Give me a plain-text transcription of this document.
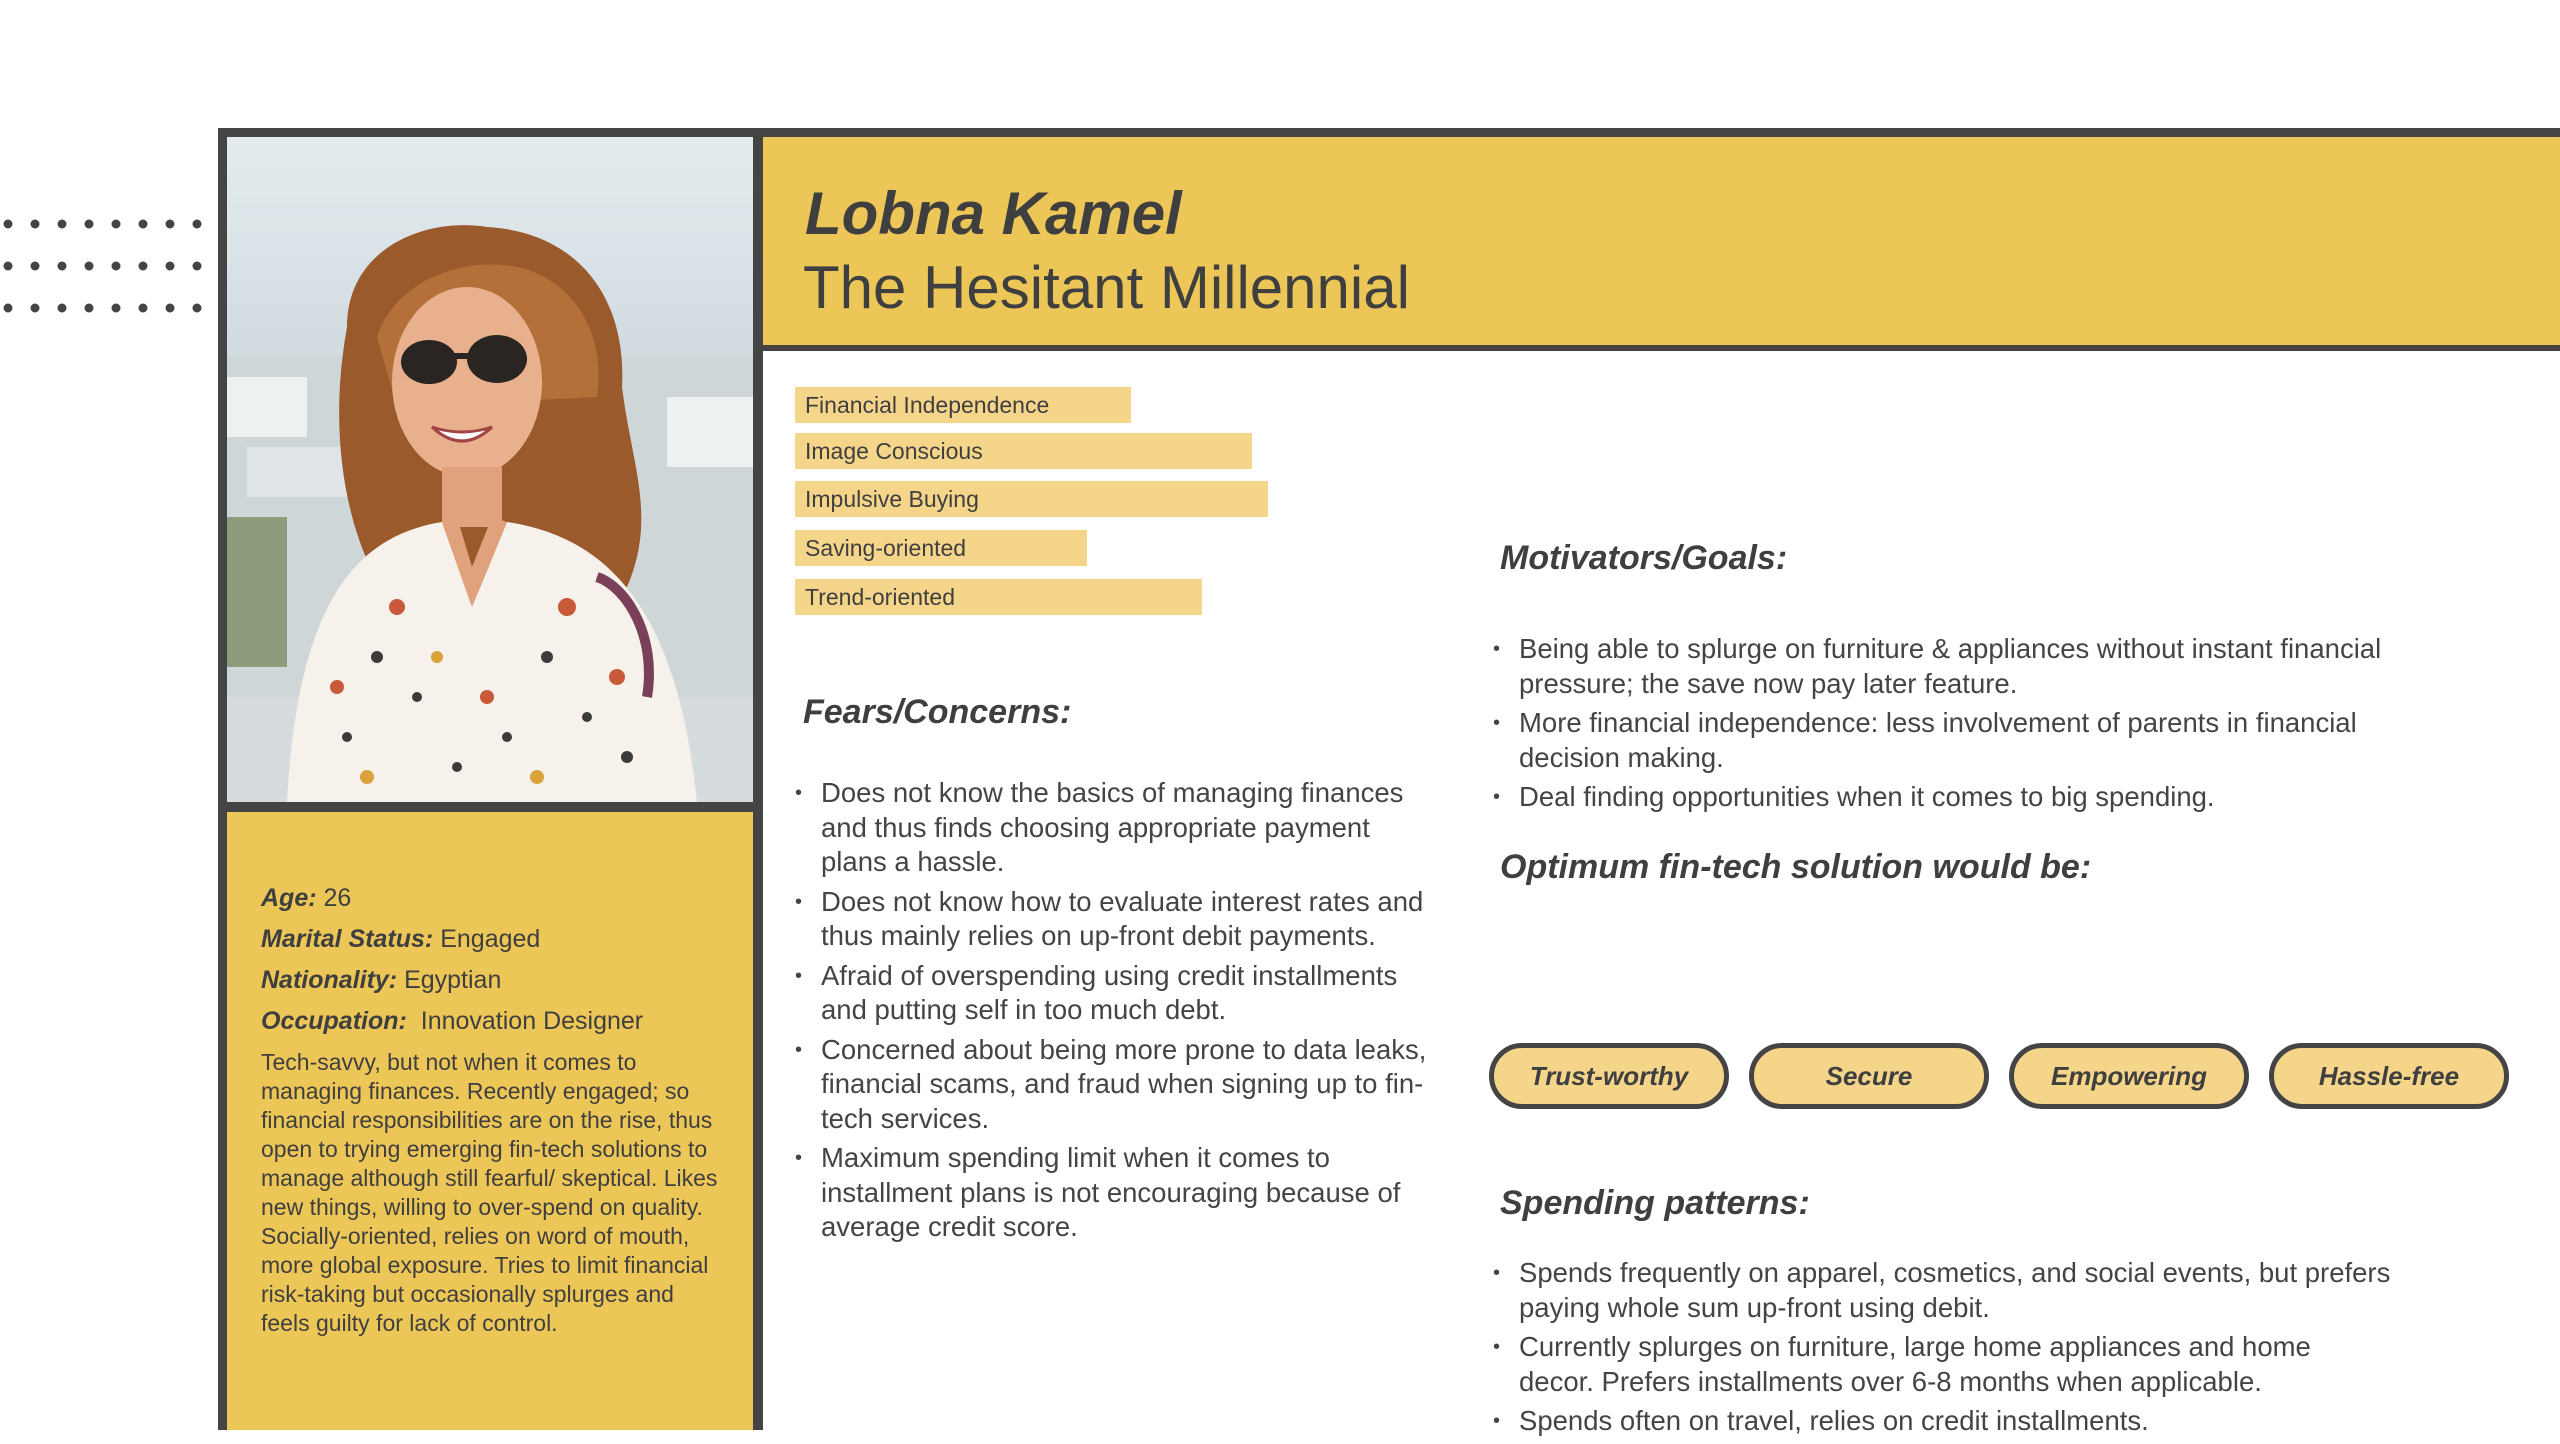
Age: 26

Marital Status: Engaged

Nationality: Egyptian

Occupation: Innovation Designer

Tech-savvy, but not when it comes to managing finances. Recently engaged; so financial responsibilities are on the rise, thus open to trying emerging fin-tech solutions to manage although still fearful/ skeptical. Likes new things, willing to over-spend on quality. Socially-oriented, relies on word of mouth, more global exposure. Tries to limit financial risk-taking but occasionally splurges and feels guilty for lack of control.
Lobna Kamel
The Hesitant Millennial
Financial Independence
Image Conscious
Impulsive Buying
Saving-oriented
Trend-oriented
Fears/Concerns:
• Does not know the basics of managing finances and thus finds choosing appropriate payment plans a hassle.
• Does not know how to evaluate interest rates and thus mainly relies on up-front debit payments.
• Afraid of overspending using credit installments and putting self in too much debt.
• Concerned about being more prone to data leaks, financial scams, and fraud when signing up to fin-tech services.
• Maximum spending limit when it comes to installment plans is not encouraging because of average credit score.
Motivators/Goals:
• Being able to splurge on furniture & appliances without instant financial pressure; the save now pay later feature.
• More financial independence: less involvement of parents in financial decision making.
• Deal finding opportunities when it comes to big spending.
Optimum fin-tech solution would be:
Trust-worthy	Secure	Empowering	Hassle-free
Spending patterns:
• Spends frequently on apparel, cosmetics, and social events, but prefers paying whole sum up-front using debit.
• Currently splurges on furniture, large home appliances and home decor. Prefers installments over 6-8 months when applicable.
• Spends often on travel, relies on credit installments.
